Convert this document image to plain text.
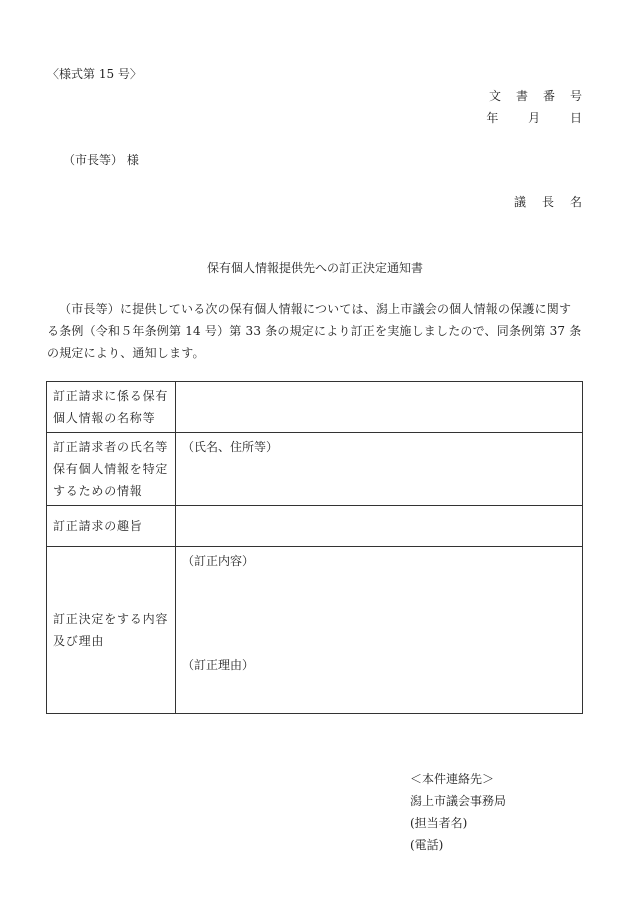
〈様式第 15 号〉
文書番号
年 月 日
（市長等） 様
議長名
保有個人情報提供先への訂正決定通知書
（市長等）に提供している次の保有個人情報については、潟上市議会の個人情報の保護に関する条例（令和５年条例第 14 号）第 33 条の規定により訂正を実施しましたので、同条例第 37 条の規定により、通知します。
訂正請求に係る保有個人情報の名称等	
訂正請求者の氏名等保有個人情報を特定するための情報	（氏名、住所等）
訂正請求の趣旨	
訂正決定をする内容及び理由	（訂正内容）
（訂正理由）
＜本件連絡先＞
潟上市議会事務局
(担当者名)
(電話)
